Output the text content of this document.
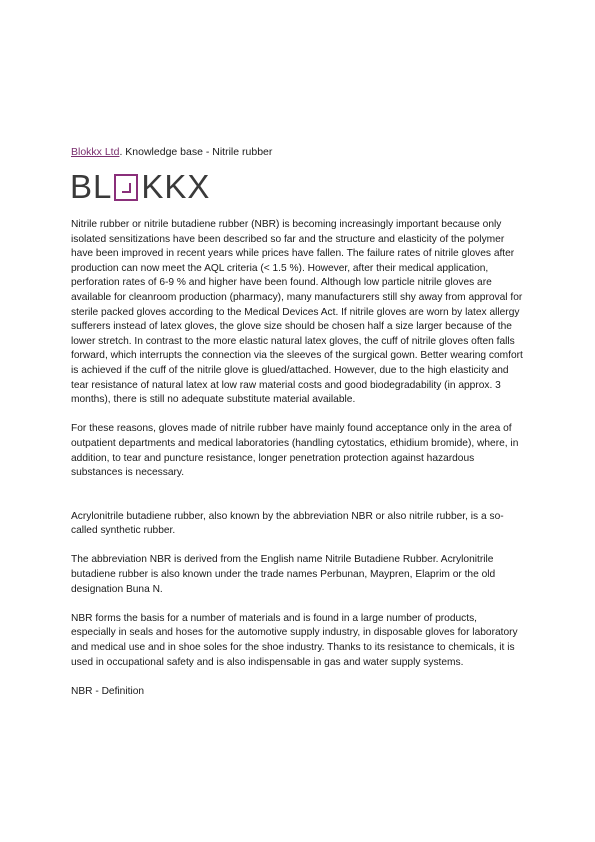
Blokkx Ltd. Knowledge base - Nitrile rubber
BL KKX

Nitrile rubber or nitrile butadiene rubber (NBR) is becoming increasingly important because only isolated sensitizations have been described so far and the structure and elasticity of the polymer have been improved in recent years while prices have fallen. The failure rates of nitrile gloves after production can now meet the AQL criteria (< 1.5 %). However, after their medical application, perforation rates of 6-9 % and higher have been found. Although low particle nitrile gloves are available for cleanroom production (pharmacy), many manufacturers still shy away from approval for sterile packed gloves according to the Medical Devices Act. If nitrile gloves are worn by latex allergy sufferers instead of latex gloves, the glove size should be chosen half a size larger because of the lower stretch. In contrast to the more elastic natural latex gloves, the cuff of nitrile gloves often falls forward, which interrupts the connection via the sleeves of the surgical gown. Better wearing comfort is achieved if the cuff of the nitrile glove is glued/attached. However, due to the high elasticity and tear resistance of natural latex at low raw material costs and good biodegradability (in approx. 3 months), there is still no adequate substitute material available.

For these reasons, gloves made of nitrile rubber have mainly found acceptance only in the area of outpatient departments and medical laboratories (handling cytostatics, ethidium bromide), where, in addition, to tear and puncture resistance, longer penetration protection against hazardous substances is necessary.

Acrylonitrile butadiene rubber, also known by the abbreviation NBR or also nitrile rubber, is a so-called synthetic rubber.

The abbreviation NBR is derived from the English name Nitrile Butadiene Rubber. Acrylonitrile butadiene rubber is also known under the trade names Perbunan, Maypren, Elaprim or the old designation Buna N.

NBR forms the basis for a number of materials and is found in a large number of products, especially in seals and hoses for the automotive supply industry, in disposable gloves for laboratory and medical use and in shoe soles for the shoe industry. Thanks to its resistance to chemicals, it is used in occupational safety and is also indispensable in gas and water supply systems.

NBR - Definition
